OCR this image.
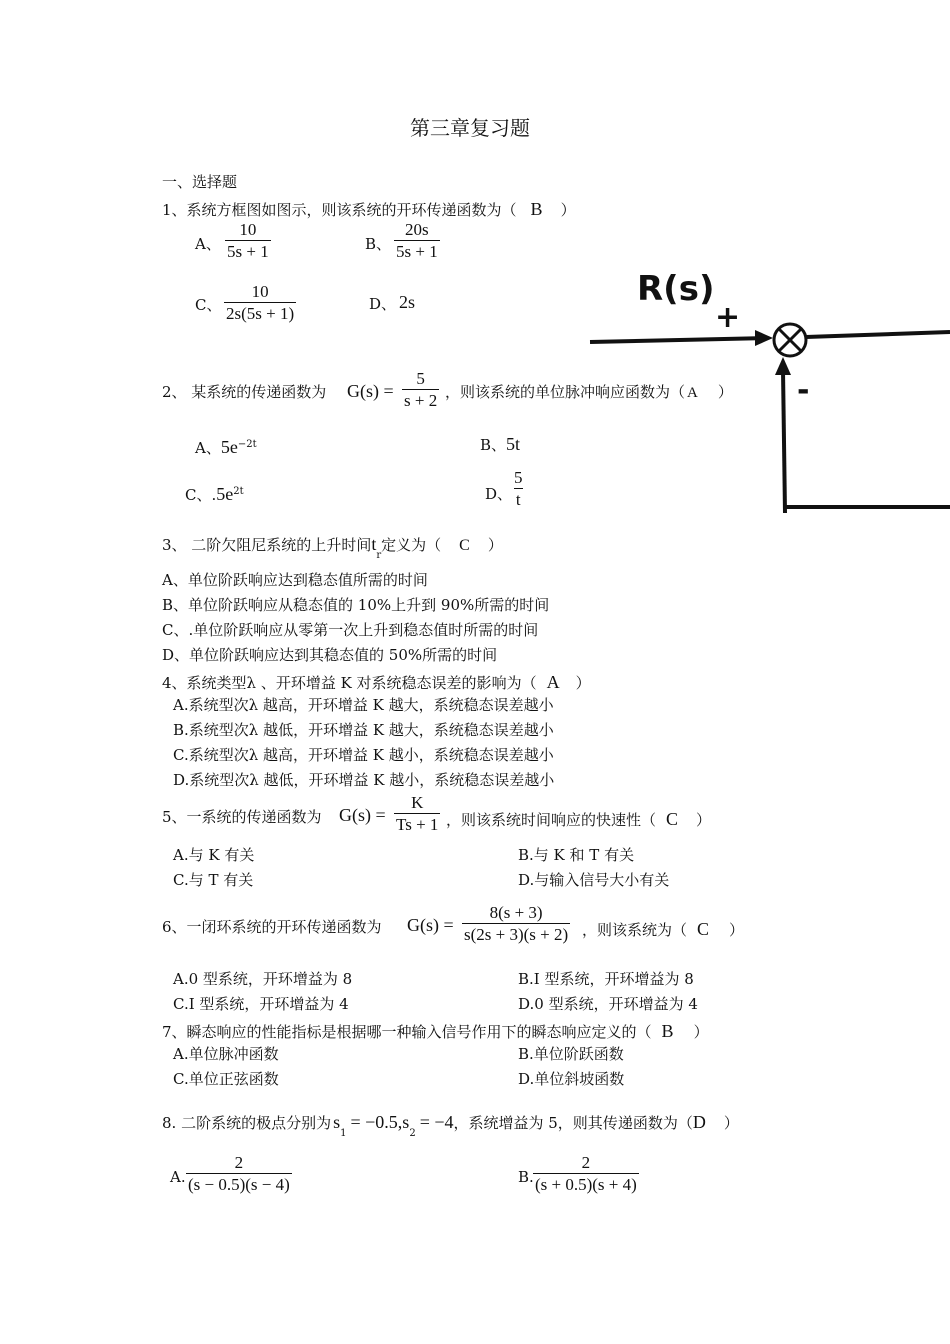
第三章复习题
一、选择题
1、系统方框图如图示，则该系统的开环传递函数为（ B ）
A、 $\frac{10}{5s + 1}$	B、 $\frac{20s}{5s + 1}$
C、 $\frac{10}{2s(5s + 1)}$	D、 2s	R(s)
+
-
2、 某系统的传递函数为 $G(s) = \frac{5}{s + 2}$ ，则该系统的单位脉冲响应函数为（ A ）
A、$5e^{-2t}$	B、5t
C、$.5e^{2t}$	D、 $\frac{5}{t}$
3、 二阶欠阻尼系统的上升时间$t_r$定义为（ C ）
A、单位阶跃响应达到稳态值所需的时间
B、单位阶跃响应从稳态值的 10%上升到 90%所需的时间
C、.单位阶跃响应从零第一次上升到稳态值时所需的时间
D、单位阶跃响应达到其稳态值的 50%所需的时间
4、系统类型λ 、开环增益 K 对系统稳态误差的影响为（ A ）
A.系统型次λ 越高，开环增益 K 越大，系统稳态误差越小
B.系统型次λ 越低，开环增益 K 越大，系统稳态误差越小
C.系统型次λ 越高，开环增益 K 越小，系统稳态误差越小
D.系统型次λ 越低，开环增益 K 越小，系统稳态误差越小
5、一系统的传递函数为 $G(s) = \frac{K}{Ts + 1}$ ，则该系统时间响应的快速性（ C ）
A.与 K 有关	B.与 K 和 T 有关
C.与 T 有关	D.与输入信号大小有关
6、一闭环系统的开环传递函数为 $G(s) = \frac{8(s + 3)}{s(2s + 3)(s + 2)}$ ，则该系统为（ C ）
A.0 型系统，开环增益为 8	B.I 型系统，开环增益为 8
C.I 型系统，开环增益为 4	D.0 型系统，开环增益为 4
7、瞬态响应的性能指标是根据哪一种输入信号作用下的瞬态响应定义的（ B ）
A.单位脉冲函数	B.单位阶跃函数
C.单位正弦函数	D.单位斜坡函数
8. 二阶系统的极点分别为 $s_1= -0.5,s_2= -4$，系统增益为 5，则其传递函数为（D ）
A. $\frac{2}{(s - 0.5)(s - 4)}$	B. $\frac{2}{(s + 0.5)(s + 4)}$
